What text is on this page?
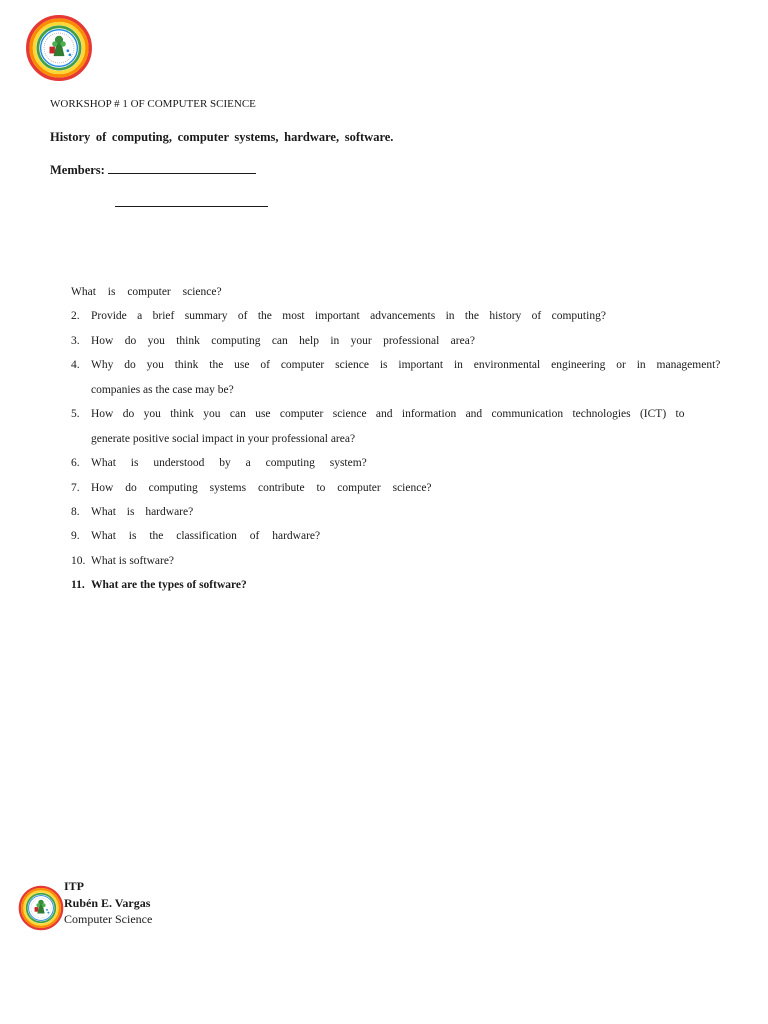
WORKSHOP # 1 OF COMPUTER SCIENCE
History of computing, computer systems, hardware, software.
Members:
What is computer science?
2. Provide a brief summary of the most important advancements in the history of computing?
3. How do you think computing can help in your professional area?
4. Why do you think the use of computer science is important in environmental engineering or in management?
companies as the case may be?
5. How do you think you can use computer science and information and communication technologies (ICT) to
generate positive social impact in your professional area?
6. What is understood by a computing system?
7. How do computing systems contribute to computer science?
8. What is hardware?
9. What is the classification of hardware?
10. What is software?
11. What are the types of software?
ITP
Rubén E. Vargas
Computer Science
